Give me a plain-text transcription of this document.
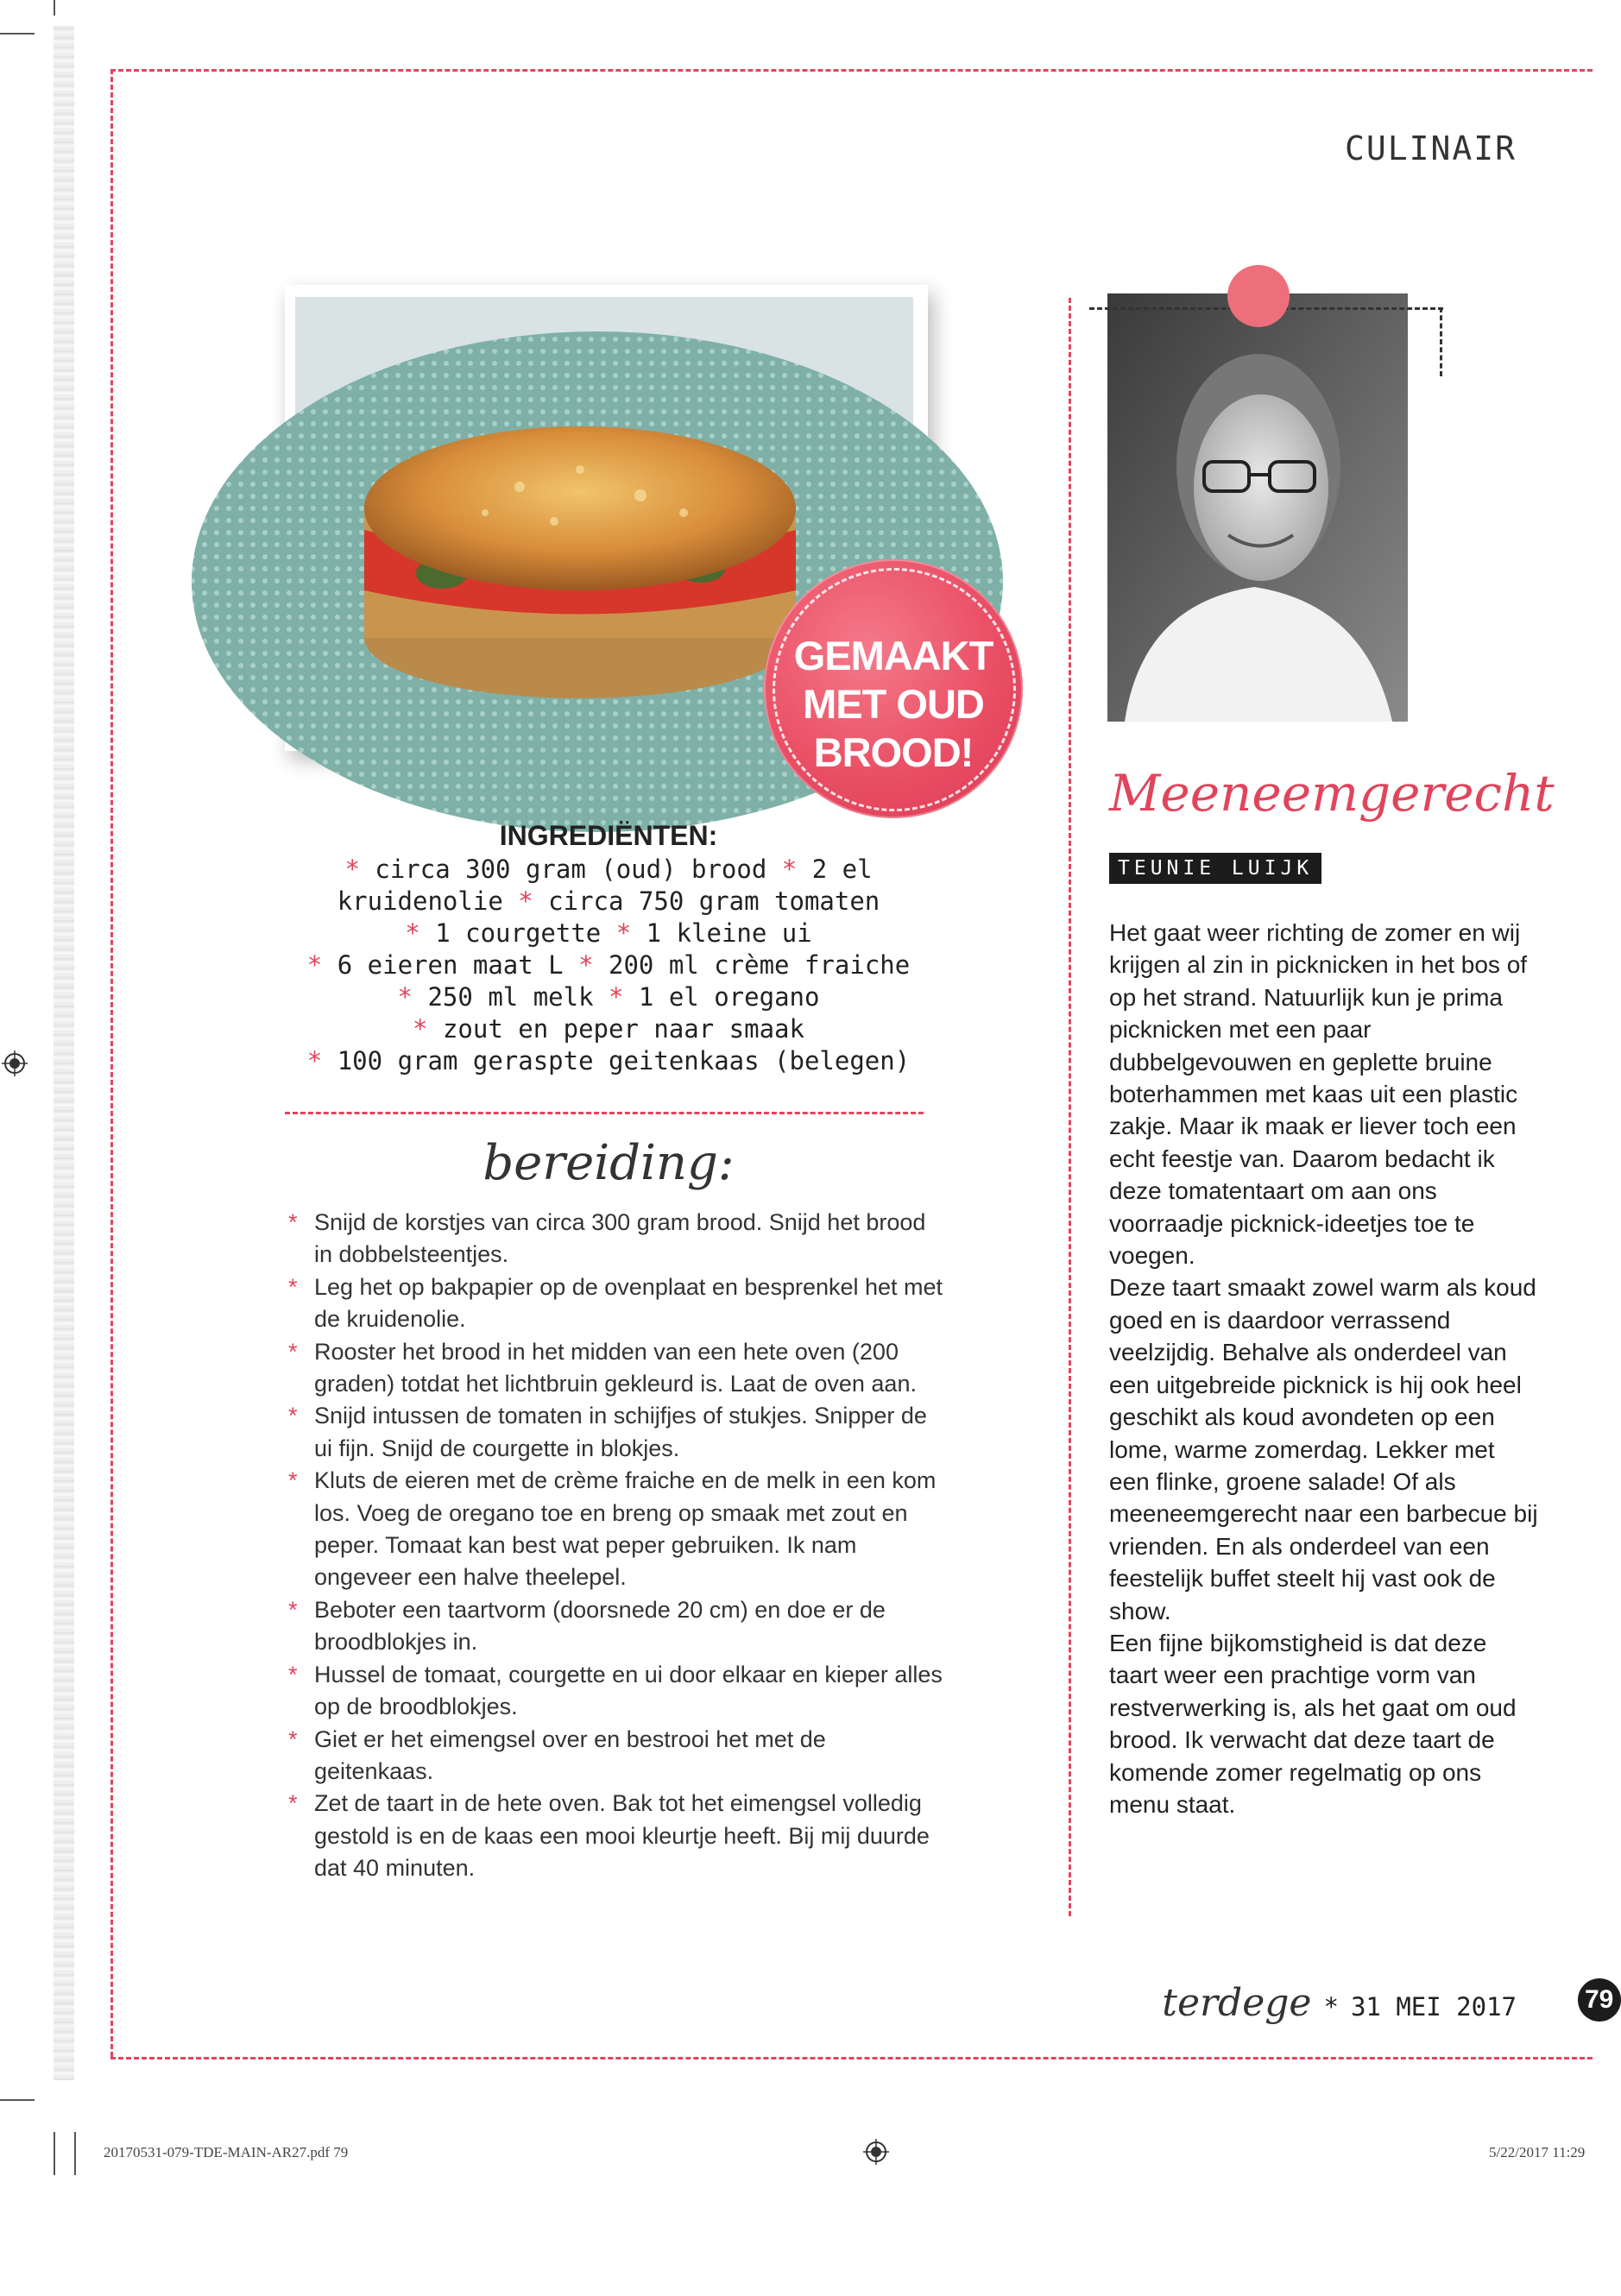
CULINAIR
GEMAAKT
MET OUD
BROOD!
INGREDIËNTEN:
* circa 300 gram (oud) brood * 2 el
kruidenolie * circa 750 gram tomaten
* 1 courgette * 1 kleine ui
* 6 eieren maat L * 200 ml crème fraiche
* 250 ml melk * 1 el oregano
* zout en peper naar smaak
* 100 gram geraspte geitenkaas (belegen)
bereiding:
* Snijd de korstjes van circa 300 gram brood. Snijd het brood in dobbelsteentjes.
* Leg het op bakpapier op de ovenplaat en besprenkel het met de kruidenolie.
* Rooster het brood in het midden van een hete oven (200 graden) totdat het lichtbruin gekleurd is. Laat de oven aan.
* Snijd intussen de tomaten in schijfjes of stukjes. Snipper de ui fijn. Snijd de courgette in blokjes.
* Kluts de eieren met de crème fraiche en de melk in een kom los. Voeg de oregano toe en breng op smaak met zout en peper. Tomaat kan best wat peper gebruiken. Ik nam ongeveer een halve theelepel.
* Beboter een taartvorm (doorsnede 20 cm) en doe er de broodblokjes in.
* Hussel de tomaat, courgette en ui door elkaar en kieper alles op de broodblokjes.
* Giet er het eimengsel over en bestrooi het met de geitenkaas.
* Zet de taart in de hete oven. Bak tot het eimengsel volledig gestold is en de kaas een mooi kleurtje heeft. Bij mij duurde dat 40 minuten.
Meeneemgerecht
TEUNIE LUIJK

Het gaat weer richting de zomer en wij krijgen al zin in picknicken in het bos of op het strand. Natuurlijk kun je prima picknicken met een paar dubbelgevouwen en geplette bruine boterhammen met kaas uit een plastic zakje. Maar ik maak er liever toch een echt feestje van. Daarom bedacht ik deze tomatentaart om aan ons voorraadje picknick-ideetjes toe te voegen.

Deze taart smaakt zowel warm als koud goed en is daardoor verrassend veelzijdig. Behalve als onderdeel van een uitgebreide picknick is hij ook heel geschikt als koud avondeten op een lome, warme zomerdag. Lekker met een flinke, groene salade! Of als meeneemgerecht naar een barbecue bij vrienden. En als onderdeel van een feestelijk buffet steelt hij vast ook de show.

Een fijne bijkomstigheid is dat deze taart weer een prachtige vorm van restverwerking is, als het gaat om oud brood. Ik verwacht dat deze taart de komende zomer regelmatig op ons menu staat.

terdege * 31 MEI 2017	79
20170531-079-TDE-MAIN-AR27.pdf 79	5/22/2017 11:29
